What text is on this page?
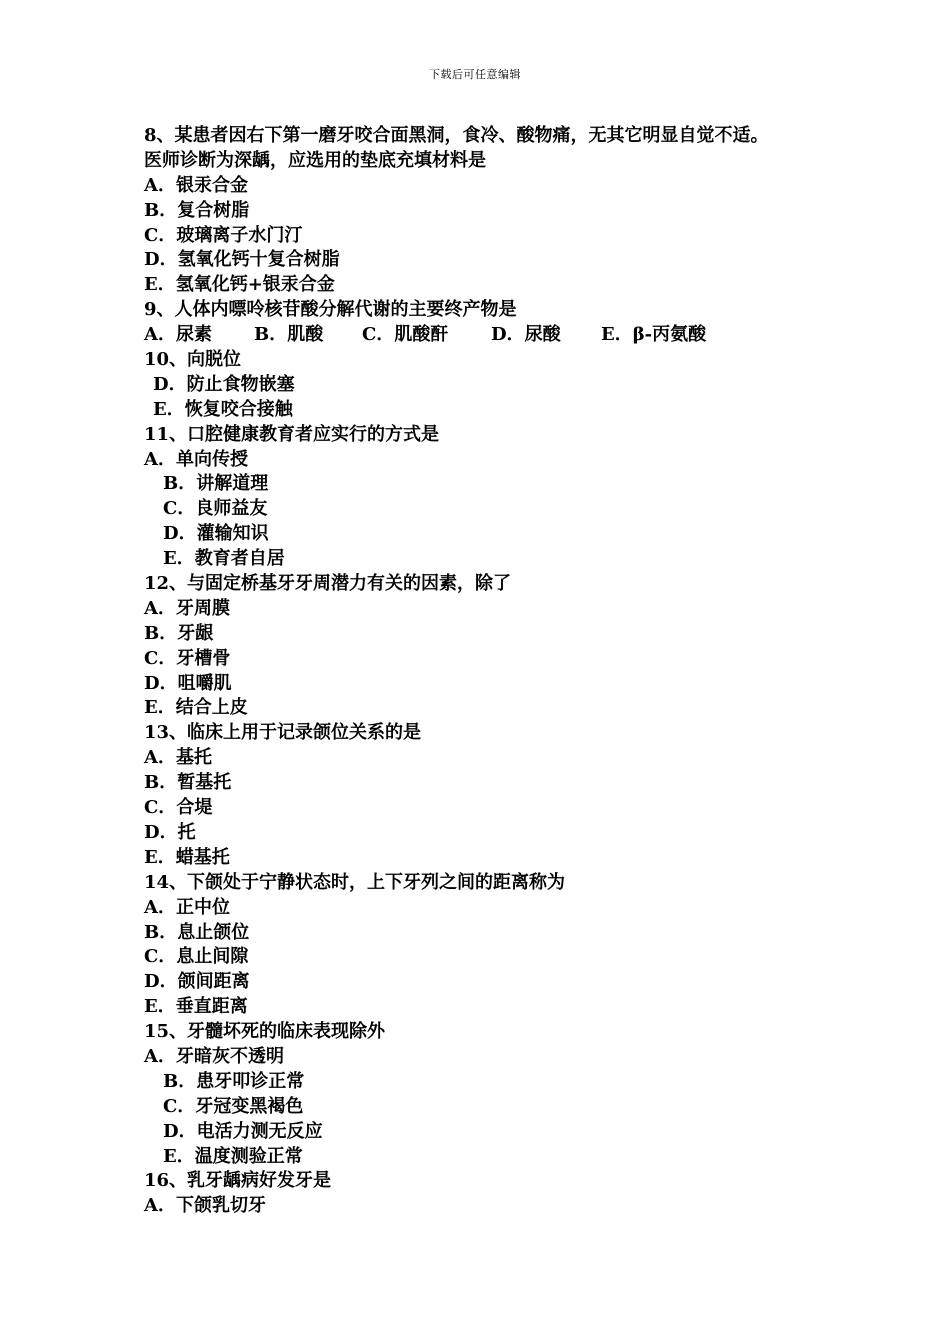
下载后可任意编辑
8、某患者因右下第一磨牙咬合面黑洞，食冷、酸物痛，无其它明显自觉不适。
医师诊断为深龋，应选用的垫底充填材料是
A．银汞合金
B．复合树脂
C．玻璃离子水门汀
D．氢氧化钙十复合树脂
E．氢氧化钙+银汞合金
9、人体内嘌呤核苷酸分解代谢的主要终产物是
A．尿素 B．肌酸 C．肌酸酐 D．尿酸 E．β-丙氨酸
10、向脱位
D．防止食物嵌塞
E．恢复咬合接触
11、口腔健康教育者应实行的方式是
A．单向传授
B．讲解道理
C．良师益友
D．灌输知识
E．教育者自居
12、与固定桥基牙牙周潜力有关的因素，除了
A．牙周膜
B．牙龈
C．牙槽骨
D．咀嚼肌
E．结合上皮
13、临床上用于记录颌位关系的是
A．基托
B．暂基托
C．合堤
D．托
E．蜡基托
14、下颌处于宁静状态时，上下牙列之间的距离称为
A．正中位
B．息止颌位
C．息止间隙
D．颌间距离
E．垂直距离
15、牙髓坏死的临床表现除外
A．牙暗灰不透明
B．患牙叩诊正常
C．牙冠变黑褐色
D．电活力测无反应
E．温度测验正常
16、乳牙龋病好发牙是
A．下颌乳切牙
